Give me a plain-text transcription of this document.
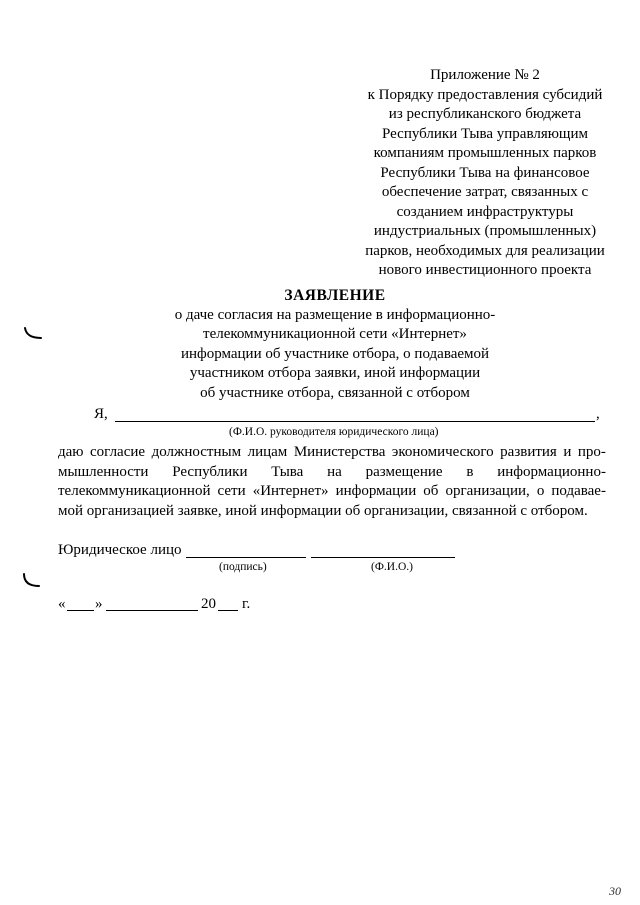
Приложение № 2
к Порядку предоставления субсидий
из республиканского бюджета
Республики Тыва управляющим
компаниям промышленных парков
Республики Тыва на финансовое
обеспечение затрат, связанных с
созданием инфраструктуры
индустриальных (промышленных)
парков, необходимых для реализации
нового инвестиционного проекта
ЗАЯВЛЕНИЕ
о даче согласия на размещение в информационно-
телекоммуникационной сети «Интернет»
информации об участнике отбора, о подаваемой
участником отбора заявки, иной информации
об участнике отбора, связанной с отбором
Я,	,
(Ф.И.О. руководителя юридического лица)
даю согласие должностным лицам Министерства экономического развития и про-
мышленности Республики Тыва на размещение в информационно-
телекоммуникационной сети «Интернет» информации об организации, о подавае-
мой организацией заявке, иной информации об организации, связанной с отбором.
Юридическое лицо
(подпись)	(Ф.И.О.)
« »	20 г.
30
